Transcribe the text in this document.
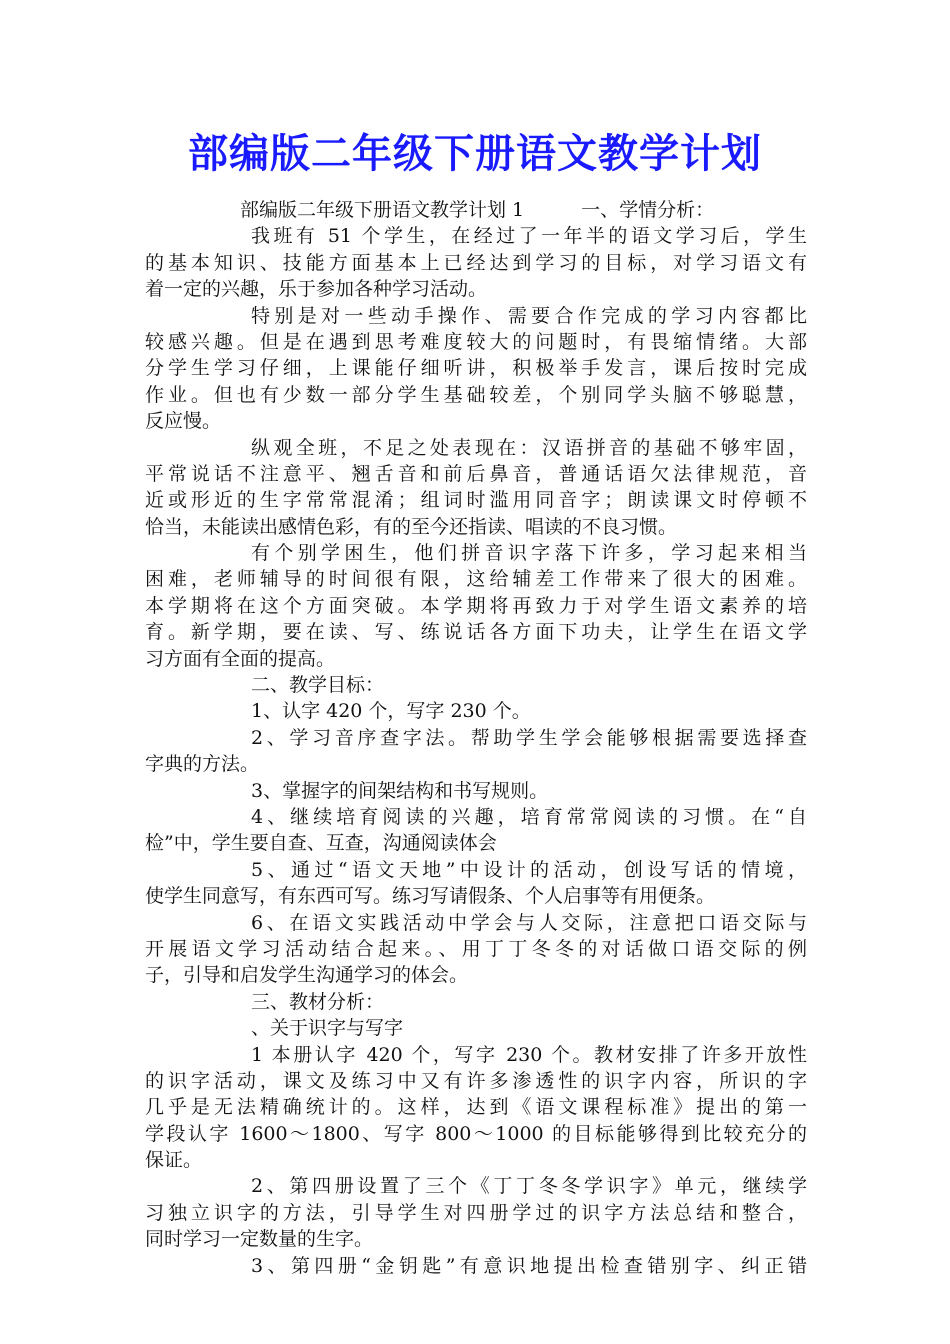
部编版二年级下册语文教学计划
部编版二年级下册语文教学计划 1　　　一、学情分析：
我班有 51 个学生，在经过了一年半的语文学习后，学生
的基本知识、技能方面基本上已经达到学习的目标，对学习语文有
着一定的兴趣，乐于参加各种学习活动。
特别是对一些动手操作、需要合作完成的学习内容都比
较感兴趣。但是在遇到思考难度较大的问题时，有畏缩情绪。大部
分学生学习仔细，上课能仔细听讲，积极举手发言，课后按时完成
作业。但也有少数一部分学生基础较差，个别同学头脑不够聪慧，
反应慢。
纵观全班，不足之处表现在：汉语拼音的基础不够牢固，
平常说话不注意平、翘舌音和前后鼻音，普通话语欠法律规范，音
近或形近的生字常常混淆；组词时滥用同音字；朗读课文时停顿不
恰当，未能读出感情色彩，有的至今还指读、唱读的不良习惯。
有个别学困生，他们拼音识字落下许多，学习起来相当
困难，老师辅导的时间很有限，这给辅差工作带来了很大的困难。
本学期将在这个方面突破。本学期将再致力于对学生语文素养的培
育。新学期，要在读、写、练说话各方面下功夫，让学生在语文学
习方面有全面的提高。
二、教学目标：
1、认字 420 个，写字 230 个。
2、学习音序查字法。帮助学生学会能够根据需要选择查
字典的方法。
3、掌握字的间架结构和书写规则。
4、继续培育阅读的兴趣，培育常常阅读的习惯。在“自
检”中，学生要自查、互查，沟通阅读体会
5、通过“语文天地”中设计的活动，创设写话的情境，
使学生同意写，有东西可写。练习写请假条、个人启事等有用便条。
6、在语文实践活动中学会与人交际，注意把口语交际与
开展语文学习活动结合起来。、用丁丁冬冬的对话做口语交际的例
子，引导和启发学生沟通学习的体会。
三、教材分析：
、关于识字与写字
1 本册认字 420 个，写字 230 个。教材安排了许多开放性
的识字活动，课文及练习中又有许多渗透性的识字内容，所识的字
几乎是无法精确统计的。这样，达到《语文课程标准》提出的第一
学段认字 1600～1800、写字 800～1000 的目标能够得到比较充分的
保证。
2、第四册设置了三个《丁丁冬冬学识字》单元，继续学
习独立识字的方法，引导学生对四册学过的识字方法总结和整合，
同时学习一定数量的生字。
3、第四册“金钥匙”有意识地提出检查错别字、纠正错
